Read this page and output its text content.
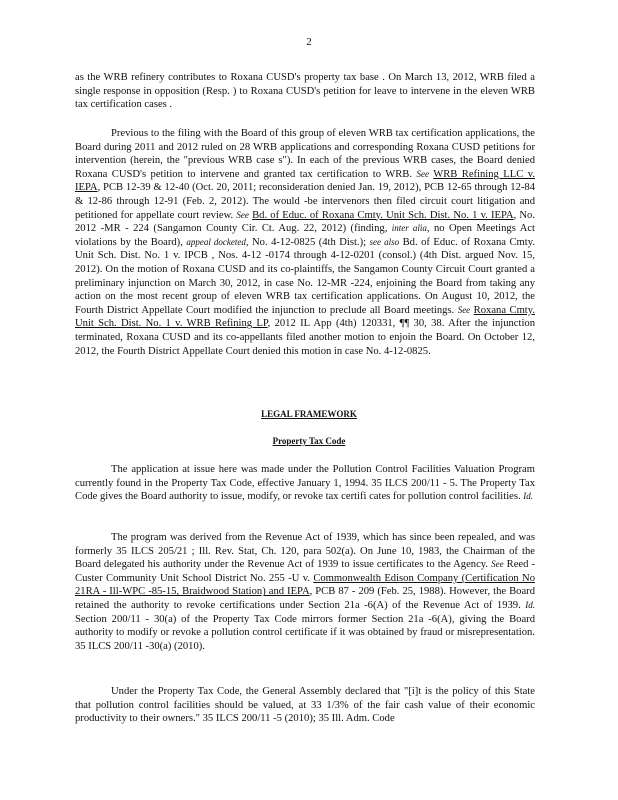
2

as the WRB refinery contributes to Roxana CUSD's property tax base . On March 13, 2012, WRB filed a single response in opposition (Resp. ) to Roxana CUSD's petition for leave to intervene in the eleven WRB tax certification cases .

Previous to the filing with the Board of this group of eleven WRB tax certification applications, the Board during 2011 and 2012 ruled on 28 WRB applications and corresponding Roxana CUSD petitions for intervention (herein, the "previous WRB case s"). In each of the previous WRB cases, the Board denied Roxana CUSD's petition to intervene and granted tax certification to WRB. See WRB Refining LLC v. IEPA, PCB 12-39 & 12-40 (Oct. 20, 2011; reconsideration denied Jan. 19, 2012), PCB 12-65 through 12-84 & 12-86 through 12-91 (Feb. 2, 2012). The would -be intervenors then filed circuit court litigation and petitioned for appellate court review. See Bd. of Educ. of Roxana Cmty. Unit Sch. Dist. No. 1 v. IEPA, No. 2012 -MR - 224 (Sangamon County Cir. Ct. Aug. 22, 2012) (finding, inter alia, no Open Meetings Act violations by the Board), appeal docketed, No. 4-12-0825 (4th Dist.); see also Bd. of Educ. of Roxana Cmty. Unit Sch. Dist. No. 1 v. IPCB , Nos. 4-12 -0174 through 4-12-0201 (consol.) (4th Dist. argued Nov. 15, 2012). On the motion of Roxana CUSD and its co-plaintiffs, the Sangamon County Circuit Court granted a preliminary injunction on March 30, 2012, in case No. 12-MR -224, enjoining the Board from taking any action on the most recent group of eleven WRB tax certification applications. On August 10, 2012, the Fourth District Appellate Court modified the injunction to preclude all Board meetings. See Roxana Cmty. Unit Sch. Dist. No. 1 v. WRB Refining LP, 2012 IL App (4th) 120331, ¶¶ 30, 38. After the injunction terminated, Roxana CUSD and its co-appellants filed another motion to enjoin the Board. On October 12, 2012, the Fourth District Appellate Court denied this motion in case No. 4-12-0825.

LEGAL FRAMEWORK
Property Tax Code

The application at issue here was made under the Pollution Control Facilities Valuation Program currently found in the Property Tax Code, effective January 1, 1994. 35 ILCS 200/11 - 5. The Property Tax Code gives the Board authority to issue, modify, or revoke tax certifi cates for pollution control facilities. Id.

The program was derived from the Revenue Act of 1939, which has since been repealed, and was formerly 35 ILCS 205/21 ; Ill. Rev. Stat, Ch. 120, para 502(a). On June 10, 1983, the Chairman of the Board delegated his authority under the Revenue Act of 1939 to issue certificates to the Agency. See Reed - Custer Community Unit School District No. 255 -U v. Commonwealth Edison Company (Certification No 21RA - Ill-WPC -85-15, Braidwood Station) and IEPA, PCB 87 - 209 (Feb. 25, 1988). However, the Board retained the authority to revoke certifications under Section 21a -6(A) of the Revenue Act of 1939. Id. Section 200/11 - 30(a) of the Property Tax Code mirrors former Section 21a -6(A), giving the Board authority to modify or revoke a pollution control certificate if it was obtained by fraud or misrepresentation. 35 ILCS 200/11 -30(a) (2010).

Under the Property Tax Code, the General Assembly declared that "[i]t is the policy of this State that pollution control facilities should be valued, at 33 1/3% of the fair cash value of their economic productivity to their owners." 35 ILCS 200/11 -5 (2010); 35 Ill. Adm. Code
